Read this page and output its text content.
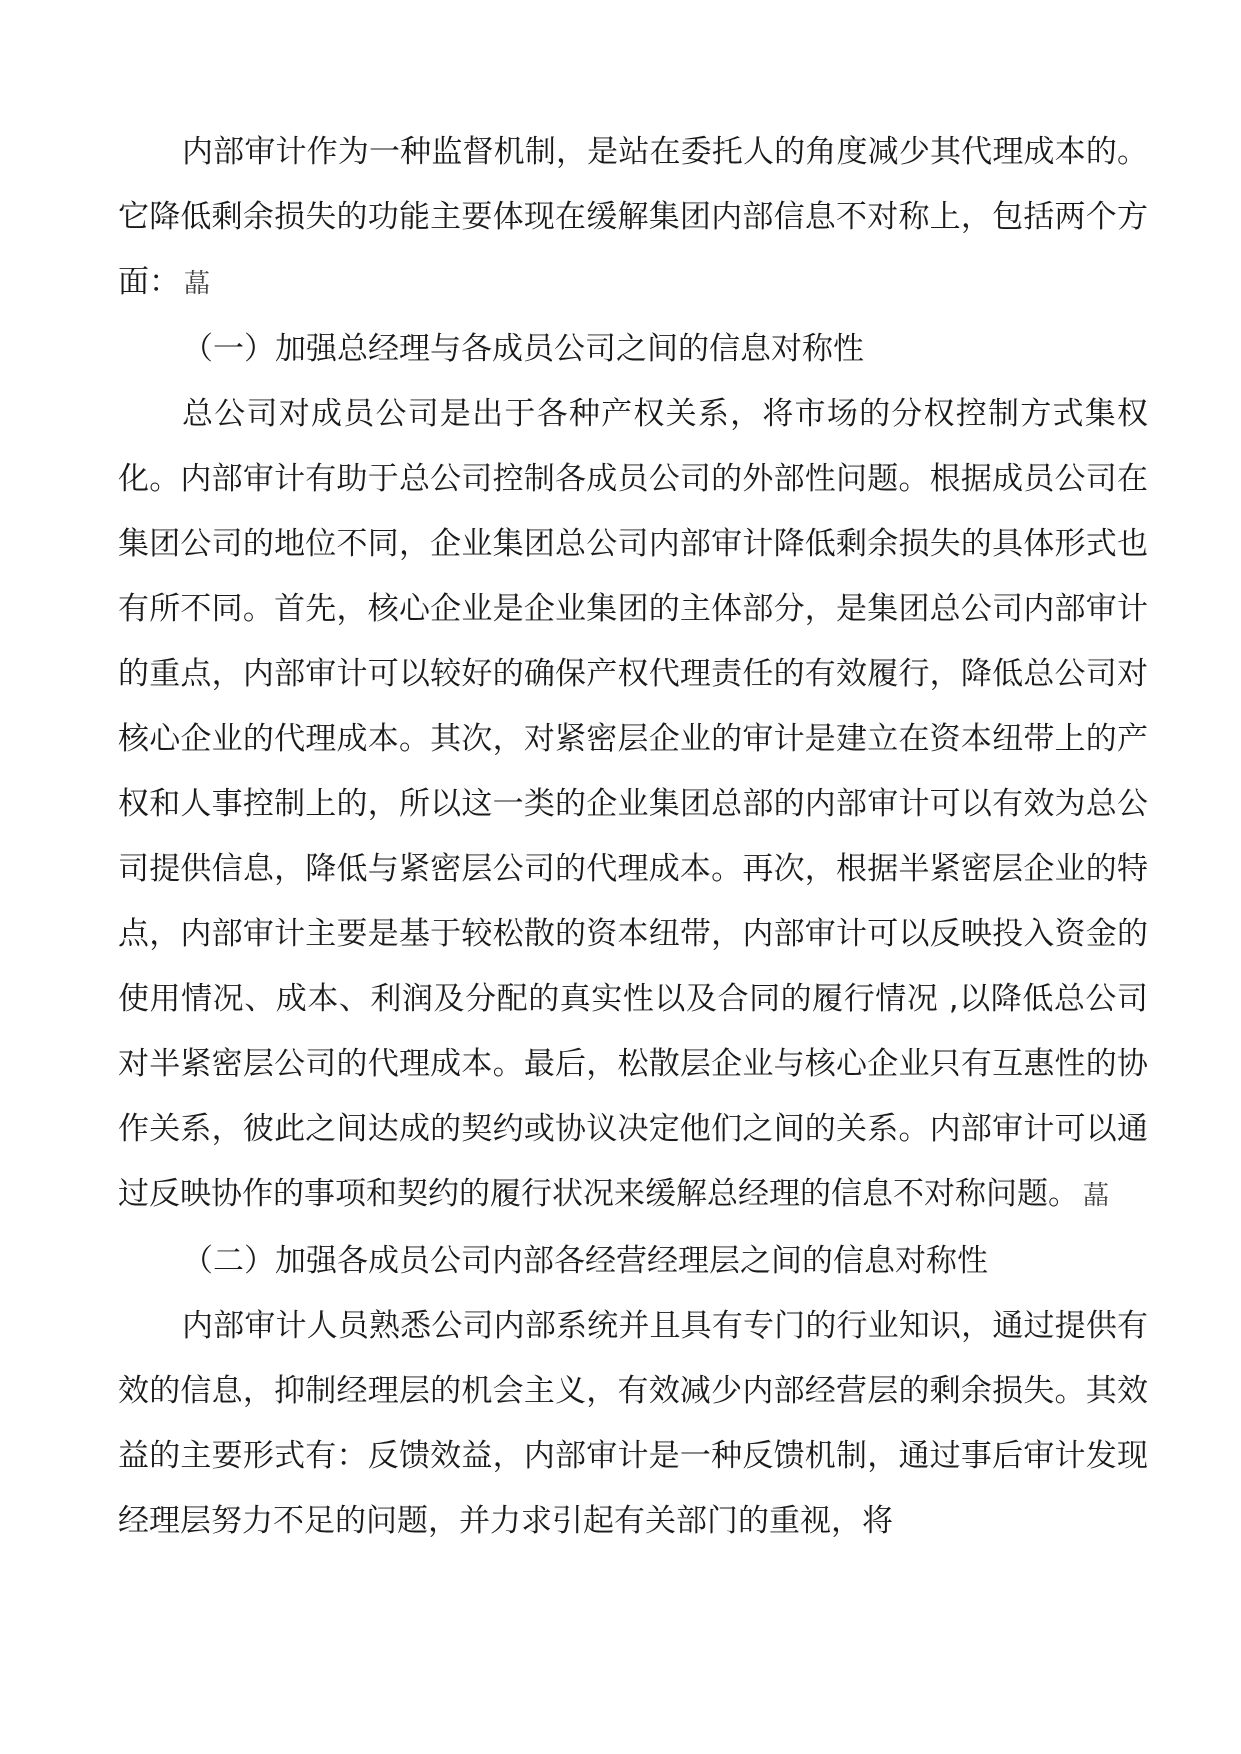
内部审计作为一种监督机制，是站在委托人的角度减少其代理成本的。它降低剩余损失的功能主要体现在缓解集团内部信息不对称上，包括两个方面： 蕌

（一）加强总经理与各成员公司之间的信息对称性

总公司对成员公司是出于各种产权关系，将市场的分权控制方式集权化。内部审计有助于总公司控制各成员公司的外部性问题。根据成员公司在集团公司的地位不同，企业集团总公司内部审计降低剩余损失的具体形式也有所不同。首先，核心企业是企业集团的主体部分，是集团总公司内部审计的重点，内部审计可以较好的确保产权代理责任的有效履行，降低总公司对核心企业的代理成本。其次，对紧密层企业的审计是建立在资本纽带上的产权和人事控制上的，所以这一类的企业集团总部的内部审计可以有效为总公司提供信息，降低与紧密层公司的代理成本。再次，根据半紧密层企业的特点，内部审计主要是基于较松散的资本纽带，内部审计可以反映投入资金的使用情况、成本、利润及分配的真实性以及合同的履行情况 ,以降低总公司对半紧密层公司的代理成本。最后，松散层企业与核心企业只有互惠性的协作关系，彼此之间达成的契约或协议决定他们之间的关系。内部审计可以通过反映协作的事项和契约的履行状况来缓解总经理的信息不对称问题。 蕌

（二）加强各成员公司内部各经营经理层之间的信息对称性

内部审计人员熟悉公司内部系统并且具有专门的行业知识，通过提供有效的信息，抑制经理层的机会主义，有效减少内部经营层的剩余损失。其效益的主要形式有：反馈效益，内部审计是一种反馈机制，通过事后审计发现经理层努力不足的问题，并力求引起有关部门的重视，将
